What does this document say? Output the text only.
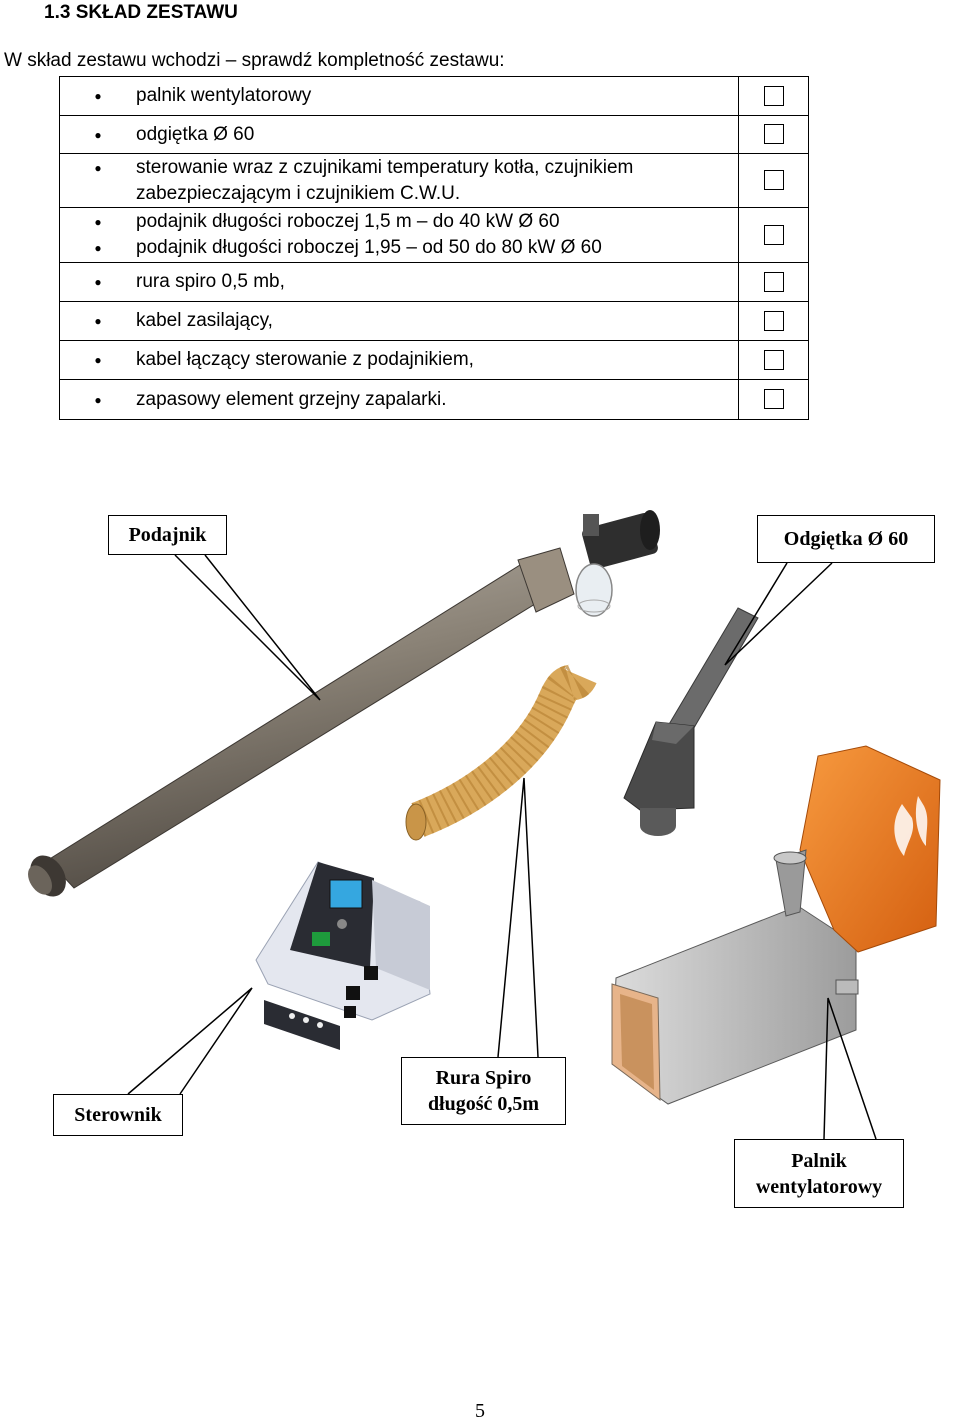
1.3 SKŁAD ZESTAWU
W skład zestawu wchodzi – sprawdź kompletność zestawu:
● palnik wentylatorowy	

● odgiętka Ø 60	

● sterowanie wraz z czujnikami temperatury kotła, czujnikiem zabezpieczającym i czujnikiem C.W.U.	

● podajnik długości roboczej 1,5 m – do 40 kW Ø 60
● podajnik długości roboczej 1,95 – od 50 do 80 kW Ø 60	

● rura spiro 0,5 mb,	

● kabel zasilający,	

● kabel łączący sterowanie z podajnikiem,	

● zapasowy element grzejny zapalarki.	

Podajnik	Odgiętka Ø 60
Sterownik
Rura Spiro
długość 0,5m
Palnik
wentylatorowy
5
